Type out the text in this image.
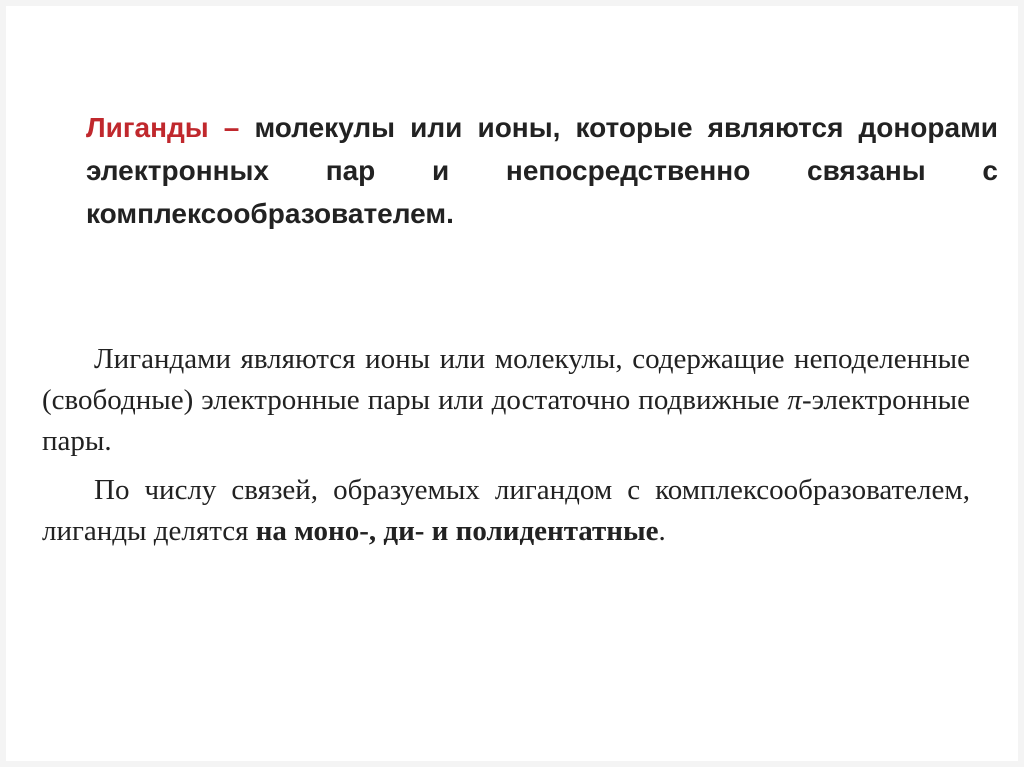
Лиганды – молекулы или ионы, которые являются донорами электронных пар и непосредственно связаны с комплексообразователем.

Лигандами являются ионы или молекулы, содержащие неподеленные (свободные) электронные пары или достаточно подвижные π-электронные пары.

По числу связей, образуемых лигандом с комплексообразователем, лиганды делятся на моно-, ди- и полидентатные.
